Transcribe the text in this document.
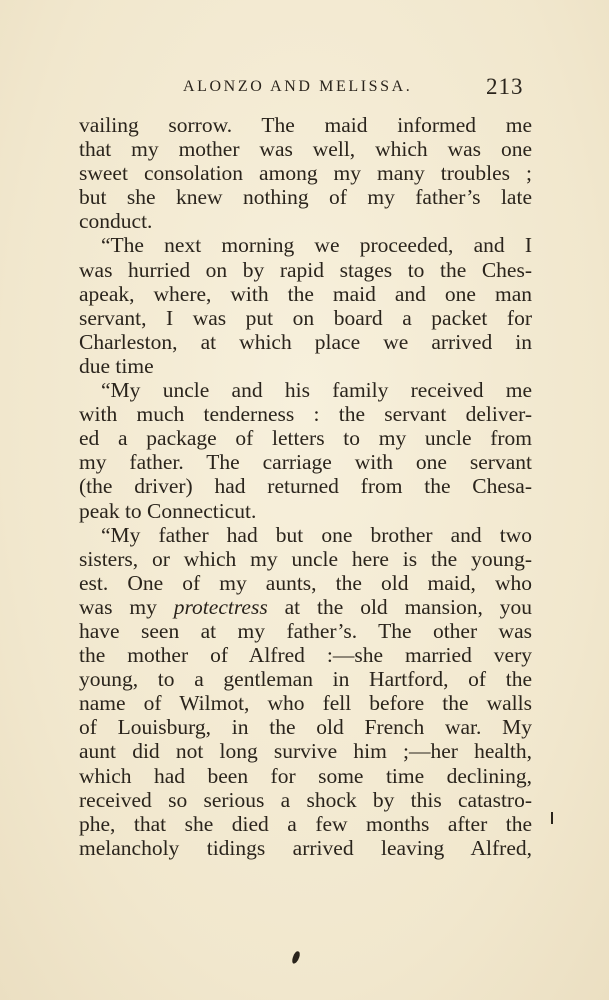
ALONZO AND MELISSA.	213
vailing sorrow. The maid informed me
that my mother was well, which was one
sweet consolation among my many troubles ;
but she knew nothing of my father’s late
conduct.
“The next morning we proceeded, and I
was hurried on by rapid stages to the Ches-
apeak, where, with the maid and one man
servant, I was put on board a packet for
Charleston, at which place we arrived in
due time
“My uncle and his family received me
with much tenderness : the servant deliver-
ed a package of letters to my uncle from
my father. The carriage with one servant
(the driver) had returned from the Chesa-
peak to Connecticut.
“My father had but one brother and two
sisters, or which my uncle here is the young-
est. One of my aunts, the old maid, who
was my protectress at the old mansion, you
have seen at my father’s. The other was
the mother of Alfred :—she married very
young, to a gentleman in Hartford, of the
name of Wilmot, who fell before the walls
of Louisburg, in the old French war. My
aunt did not long survive him ;—her health,
which had been for some time declining,
received so serious a shock by this catastro-
phe, that she died a few months after the
melancholy tidings arrived leaving Alfred,
